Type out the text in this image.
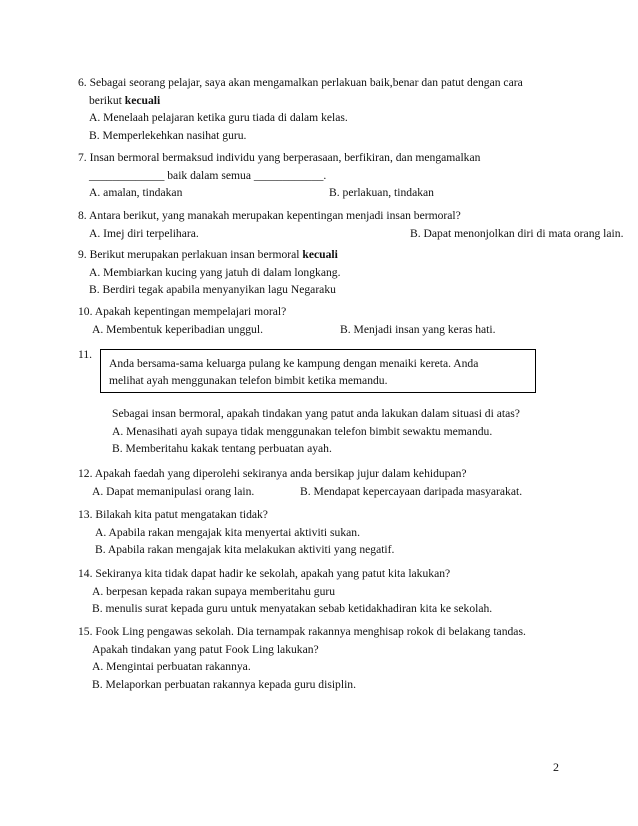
6. Sebagai seorang pelajar, saya akan mengamalkan perlakuan baik,benar dan patut dengan cara
berikut kecuali
A. Menelaah pelajaran ketika guru tiada di dalam kelas.
B. Memperlekehkan nasihat guru.
7. Insan bermoral bermaksud individu yang berperasaan, berfikiran, dan mengamalkan
_____________ baik dalam semua ____________.
A. amalan, tindakan	B. perlakuan, tindakan
8. Antara berikut, yang manakah merupakan kepentingan menjadi insan bermoral?
A. Imej diri terpelihara.	B. Dapat menonjolkan diri di mata orang lain.
9. Berikut merupakan perlakuan insan bermoral kecuali
A. Membiarkan kucing yang jatuh di dalam longkang.
B. Berdiri tegak apabila menyanyikan lagu Negaraku
10. Apakah kepentingan mempelajari moral?
A. Membentuk keperibadian unggul.	B. Menjadi insan yang keras hati.
11.
Anda bersama-sama keluarga pulang ke kampung dengan menaiki kereta. Anda
melihat ayah menggunakan telefon bimbit ketika memandu.
Sebagai insan bermoral, apakah tindakan yang patut anda lakukan dalam situasi di atas?
A. Menasihati ayah supaya tidak menggunakan telefon bimbit sewaktu memandu.
B. Memberitahu kakak tentang perbuatan ayah.
12. Apakah faedah yang diperolehi sekiranya anda bersikap jujur dalam kehidupan?
A. Dapat memanipulasi orang lain.	B. Mendapat kepercayaan daripada masyarakat.
13. Bilakah kita patut mengatakan tidak?
A. Apabila rakan mengajak kita menyertai aktiviti sukan.
B. Apabila rakan mengajak kita melakukan aktiviti yang negatif.
14. Sekiranya kita tidak dapat hadir ke sekolah, apakah yang patut kita lakukan?
A. berpesan kepada rakan supaya memberitahu guru
B. menulis surat kepada guru untuk menyatakan sebab ketidakhadiran kita ke sekolah.
15. Fook Ling pengawas sekolah. Dia ternampak rakannya menghisap rokok di belakang tandas.
Apakah tindakan yang patut Fook Ling lakukan?
A. Mengintai perbuatan rakannya.
B. Melaporkan perbuatan rakannya kepada guru disiplin.
2
